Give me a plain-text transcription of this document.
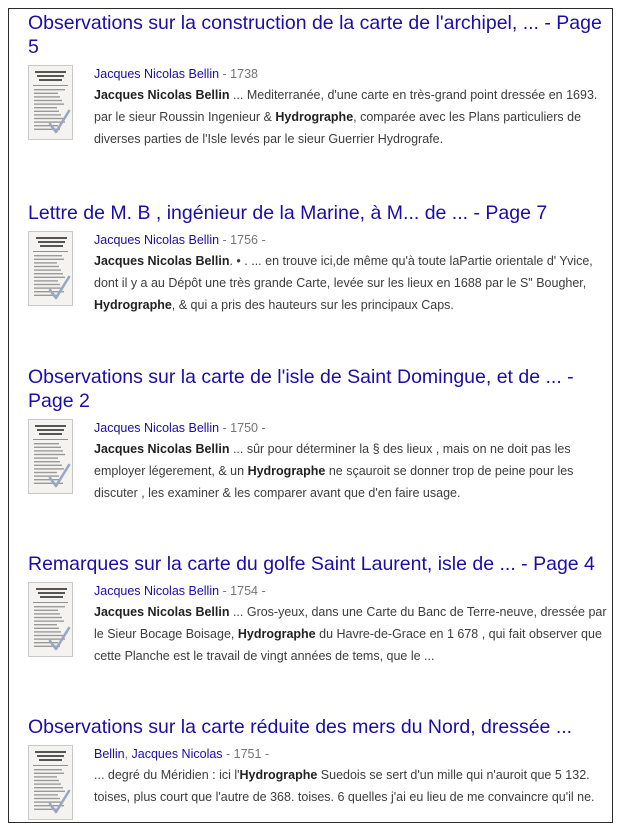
Observations sur la construction de la carte de l'archipel, ... - Page 5
Jacques Nicolas Bellin - 1738
Jacques Nicolas Bellin ... Mediterranée, d'une carte en très-grand point dressée en 1693. par le sieur Roussin Ingenieur & Hydrographe, comparée avec les Plans particuliers de diverses parties de l'Isle levés par le sieur Guerrier Hydrografe.
Lettre de M. B , ingénieur de la Marine, à M... de ... - Page 7
Jacques Nicolas Bellin - 1756 -
Jacques Nicolas Bellin. • . ... en trouve ici,de même qu'à toute laPartie orientale d' Yvice, dont il y a au Dépôt une très grande Carte, levée sur les lieux en 1688 par le S" Bougher, Hydrographe, & qui a pris des hauteurs sur les principaux Caps.
Observations sur la carte de l'isle de Saint Domingue, et de ... - Page 2
Jacques Nicolas Bellin - 1750 -
Jacques Nicolas Bellin ... sûr pour déterminer la § des lieux , mais on ne doit pas les employer légerement, & un Hydrographe ne sçauroit se donner trop de peine pour les discuter , les examiner & les comparer avant que d'en faire usage.
Remarques sur la carte du golfe Saint Laurent, isle de ... - Page 4
Jacques Nicolas Bellin - 1754 -
Jacques Nicolas Bellin ... Gros-yeux, dans une Carte du Banc de Terre-neuve, dressée par le Sieur Bocage Boisage, Hydrographe du Havre-de-Grace en 1 678 , qui fait observer que cette Planche est le travail de vingt années de tems, que le ...
Observations sur la carte réduite des mers du Nord, dressée ...
Bellin, Jacques Nicolas - 1751 -
... degré du Méridien : ici l'Hydrographe Suedois se sert d'un mille qui n'auroit que 5 132. toises, plus court que l'autre de 368. toises. 6 quelles j'ai eu lieu de me convaincre qu'il ne.
